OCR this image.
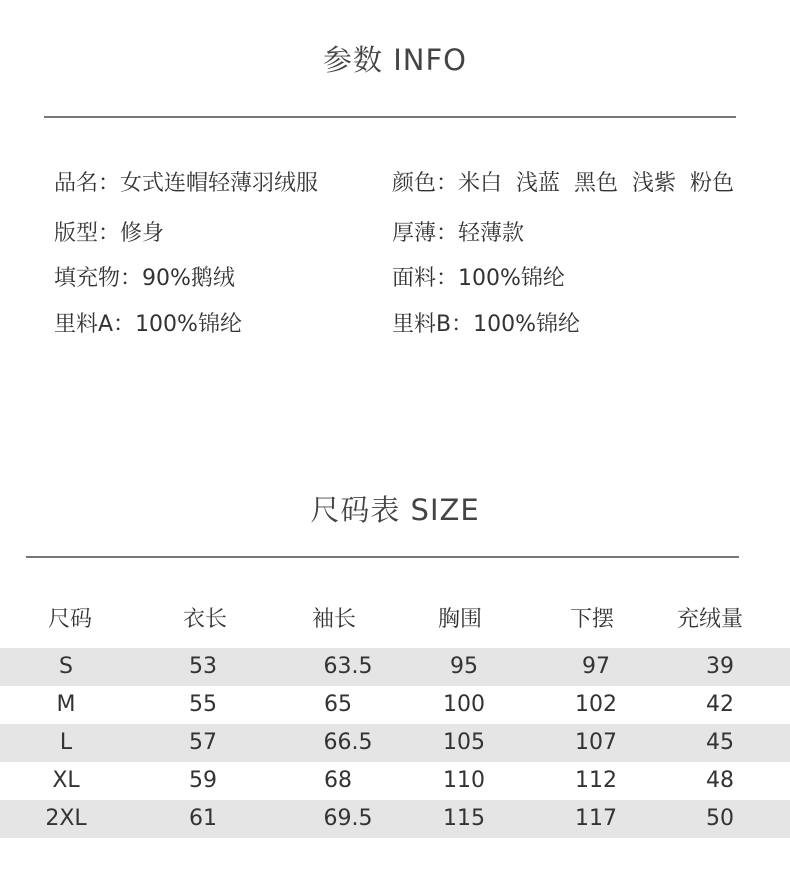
参数 INFO
品名：女式连帽轻薄羽绒服	颜色：米白  浅蓝  黑色  浅紫  粉色
版型：修身	厚薄：轻薄款
填充物：90%鹅绒	面料：100%锦纶
里料A：100%锦纶	里料B：100%锦纶
尺码表 SIZE
尺码	衣长	袖长	胸围	下摆	充绒量
S	53	63.5	95	97	39
M	55	65	100	102	42
L	57	66.5	105	107	45
XL	59	68	110	112	48
2XL	61	69.5	115	117	50
